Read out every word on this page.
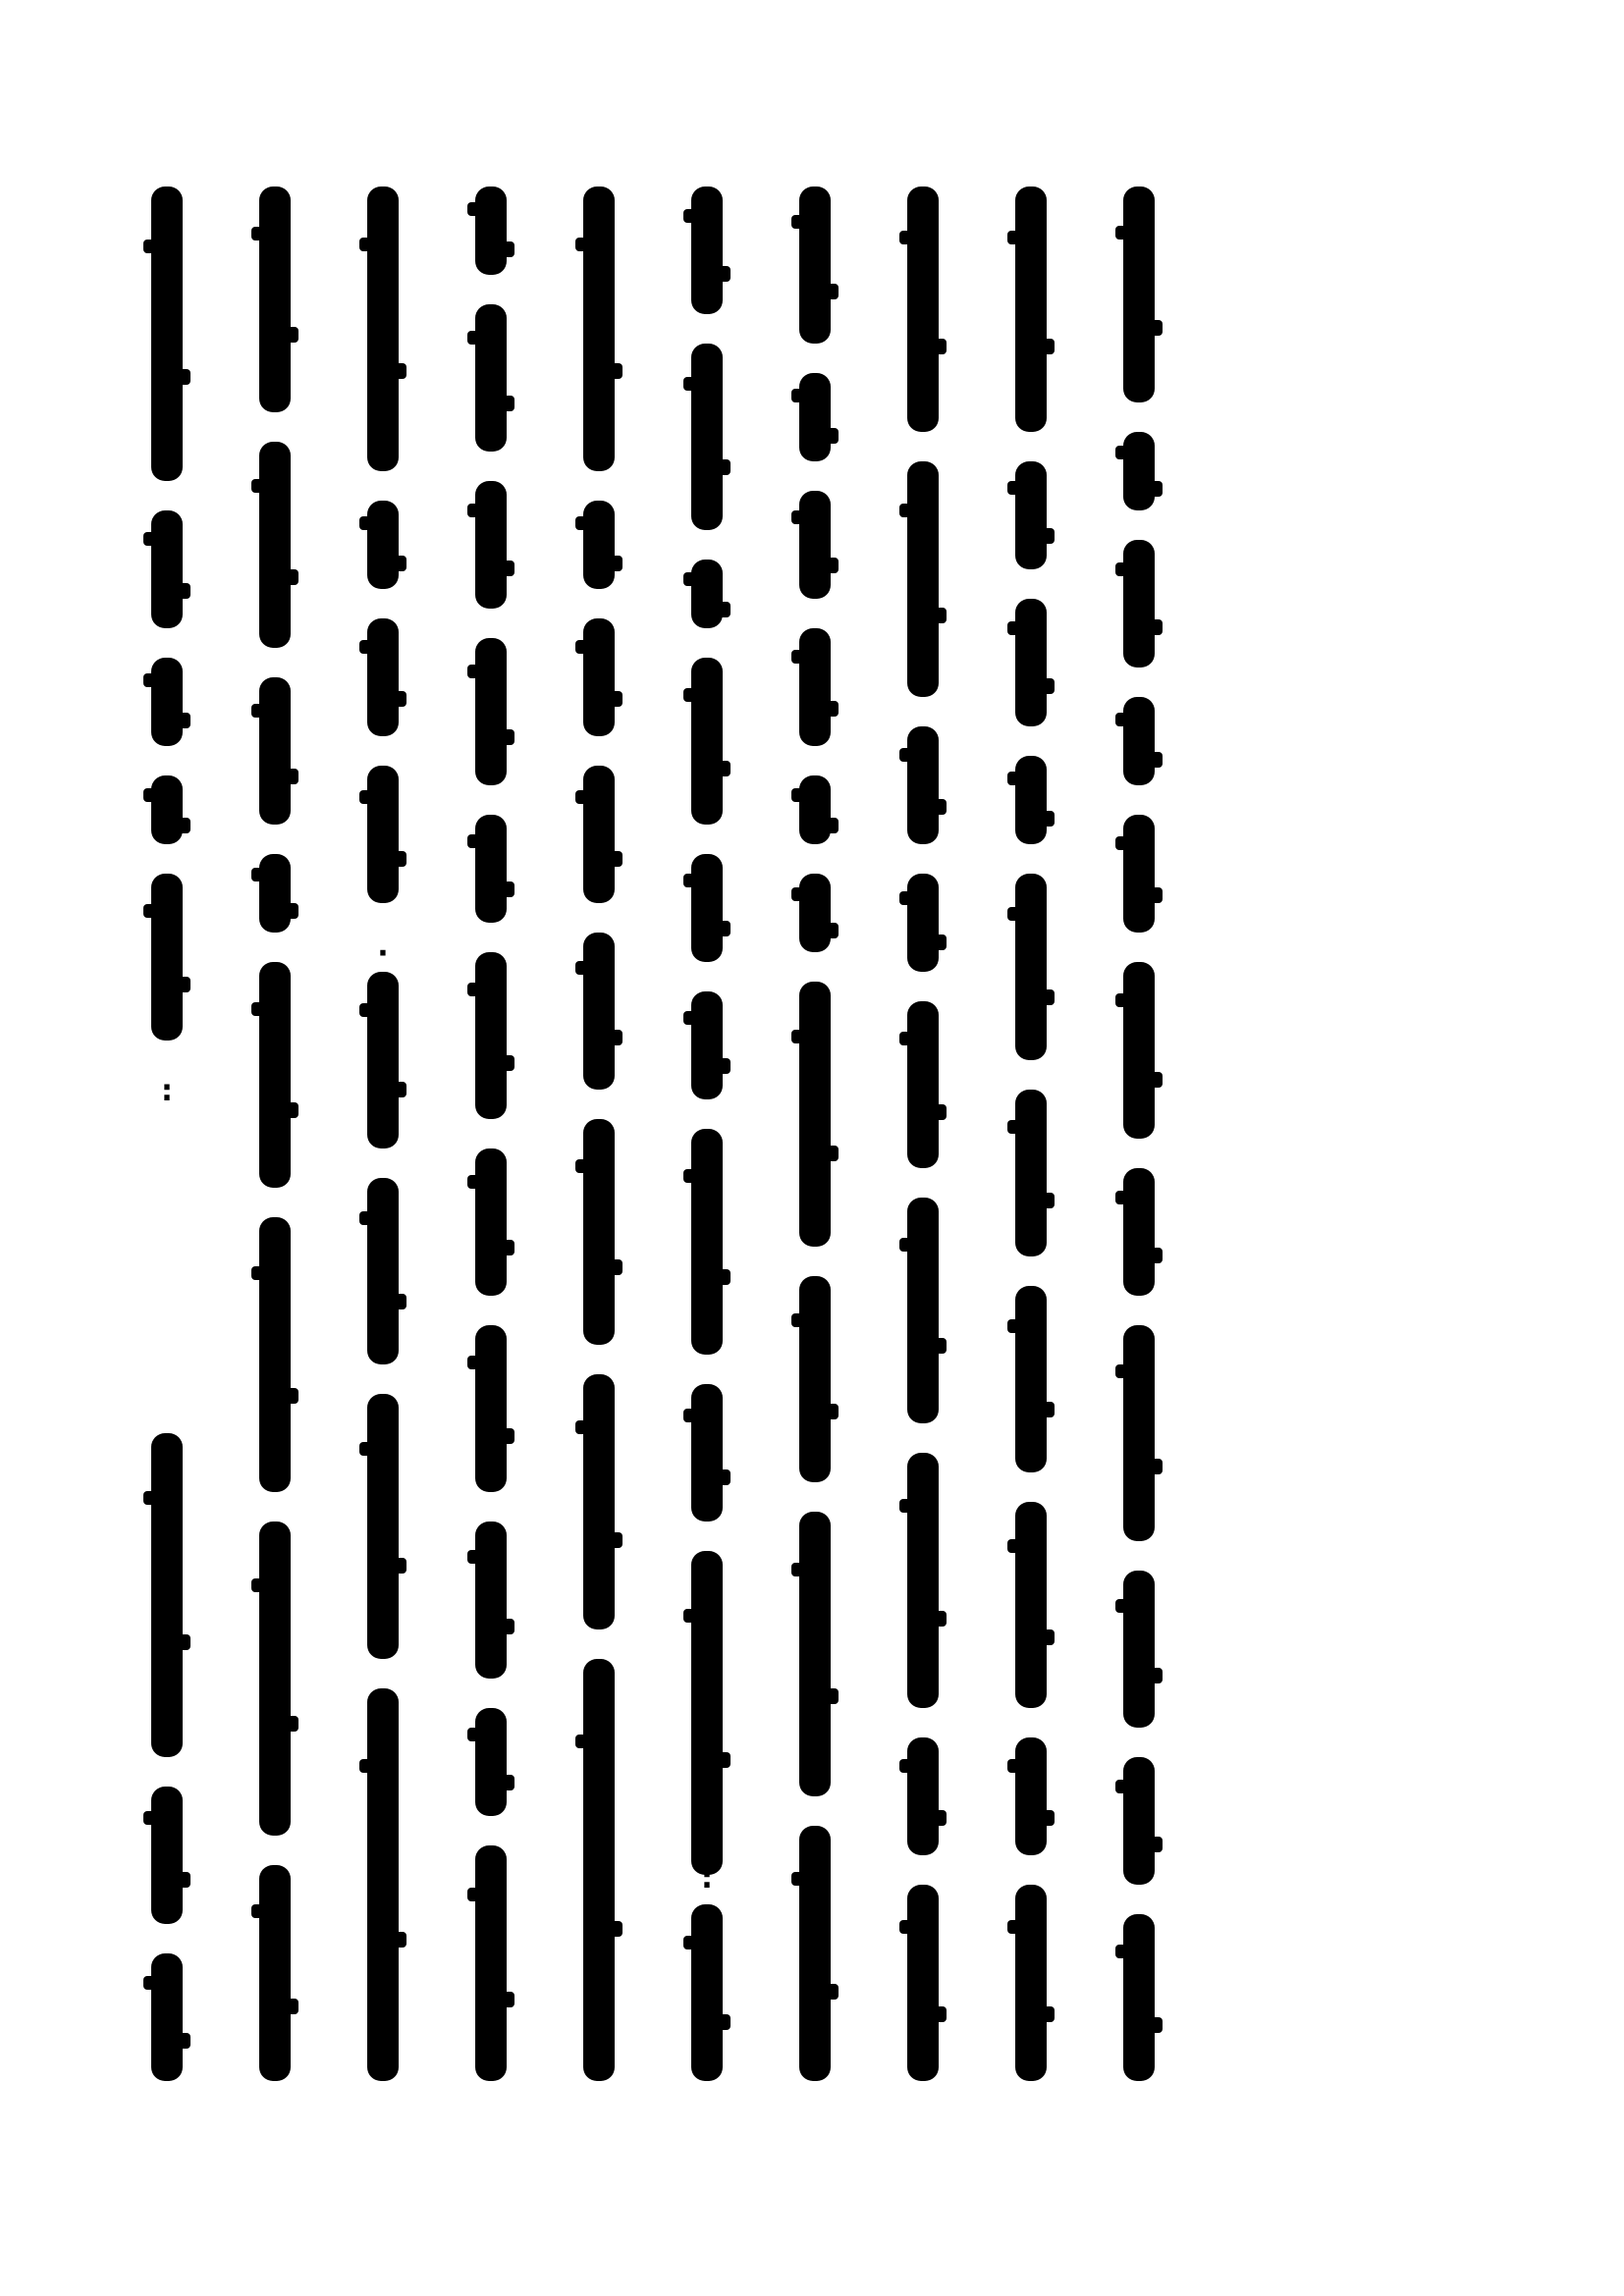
:
·
:
·
